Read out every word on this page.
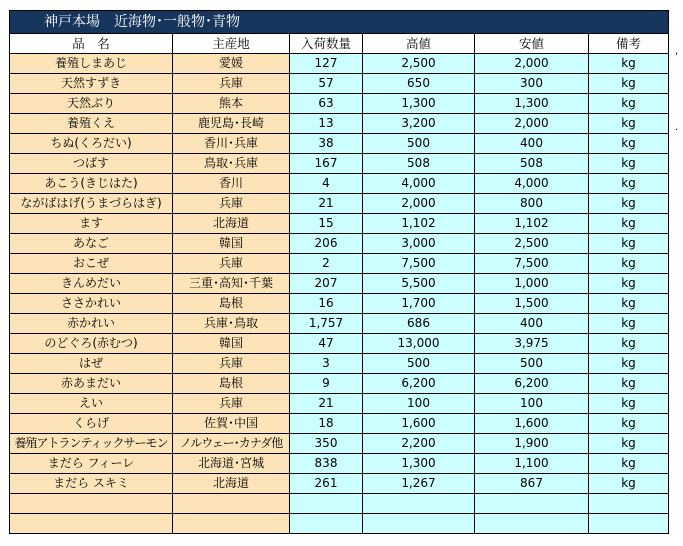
神戸本場　近海物･一般物･青物					
品　名	主産地	入荷数量	高値	安値	備考
養殖しまあじ	愛媛	127	2,500	2,000	kg
天然すずき	兵庫	57	650	300	kg
天然ぶり	熊本	63	1,300	1,300	kg
養殖くえ	鹿児島･長崎	13	3,200	2,000	kg
ちぬ(くろだい)	香川･兵庫	38	500	400	kg
つばす	鳥取･兵庫	167	508	508	kg
あこう(きじはた)	香川	4	4,000	4,000	kg
ながばはげ(うまづらはぎ)	兵庫	21	2,000	800	kg
ます	北海道	15	1,102	1,102	kg
あなご	韓国	206	3,000	2,500	kg
おこぜ	兵庫	2	7,500	7,500	kg
きんめだい	三重･高知･千葉	207	5,500	1,000	kg
ささかれい	島根	16	1,700	1,500	kg
赤かれい	兵庫･鳥取	1,757	686	400	kg
のどぐろ(赤むつ)	韓国	47	13,000	3,975	kg
はぜ	兵庫	3	500	500	kg
赤あまだい	島根	9	6,200	6,200	kg
えい	兵庫	21	100	100	kg
くらげ	佐賀･中国	18	1,600	1,600	kg
養殖アトランティックサーモン	ノルウェー･カナダ他	350	2,200	1,900	kg
まだら フィーレ	北海道･宮城	838	1,300	1,100	kg
まだら スキミ	北海道	261	1,267	867	kg

,
.
